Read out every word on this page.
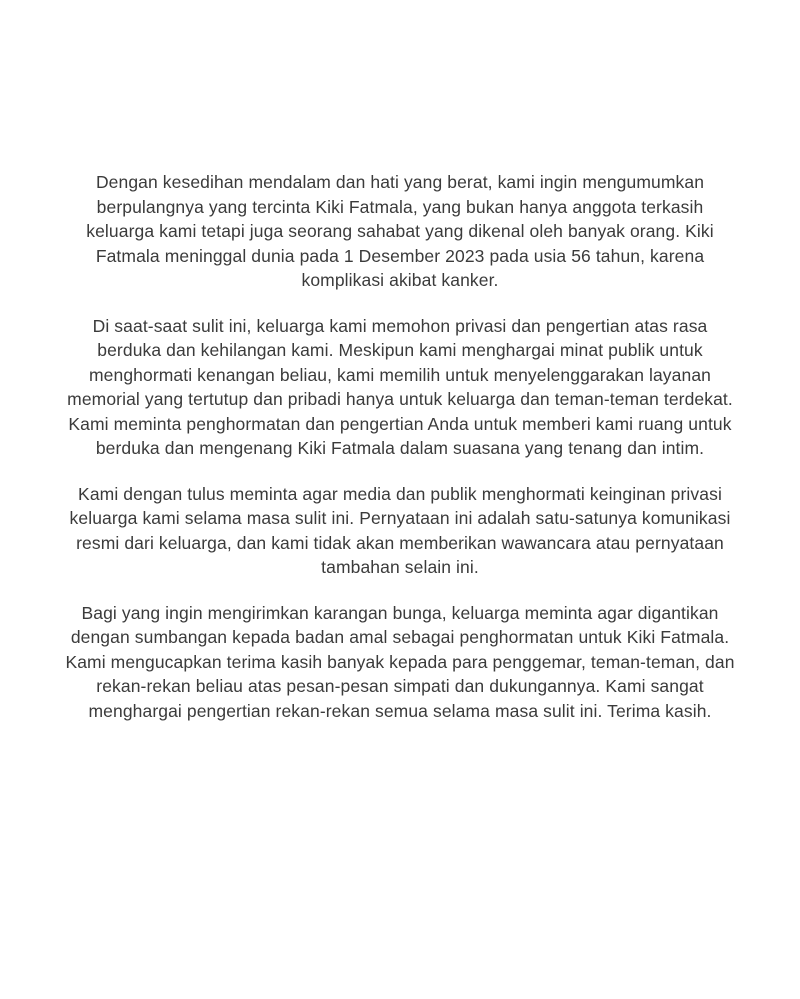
Dengan kesedihan mendalam dan hati yang berat, kami ingin mengumumkan berpulangnya yang tercinta Kiki Fatmala, yang bukan hanya anggota terkasih keluarga kami tetapi juga seorang sahabat yang dikenal oleh banyak orang. Kiki Fatmala meninggal dunia pada 1 Desember 2023 pada usia 56 tahun, karena komplikasi akibat kanker.

Di saat-saat sulit ini, keluarga kami memohon privasi dan pengertian atas rasa berduka dan kehilangan kami. Meskipun kami menghargai minat publik untuk menghormati kenangan beliau, kami memilih untuk menyelenggarakan layanan memorial yang tertutup dan pribadi hanya untuk keluarga dan teman-teman terdekat. Kami meminta penghormatan dan pengertian Anda untuk memberi kami ruang untuk berduka dan mengenang Kiki Fatmala dalam suasana yang tenang dan intim.

Kami dengan tulus meminta agar media dan publik menghormati keinginan privasi keluarga kami selama masa sulit ini. Pernyataan ini adalah satu-satunya komunikasi resmi dari keluarga, dan kami tidak akan memberikan wawancara atau pernyataan tambahan selain ini.

Bagi yang ingin mengirimkan karangan bunga, keluarga meminta agar digantikan dengan sumbangan kepada badan amal sebagai penghormatan untuk Kiki Fatmala. Kami mengucapkan terima kasih banyak kepada para penggemar, teman-teman, dan rekan-rekan beliau atas pesan-pesan simpati dan dukungannya. Kami sangat menghargai pengertian rekan-rekan semua selama masa sulit ini. Terima kasih.
